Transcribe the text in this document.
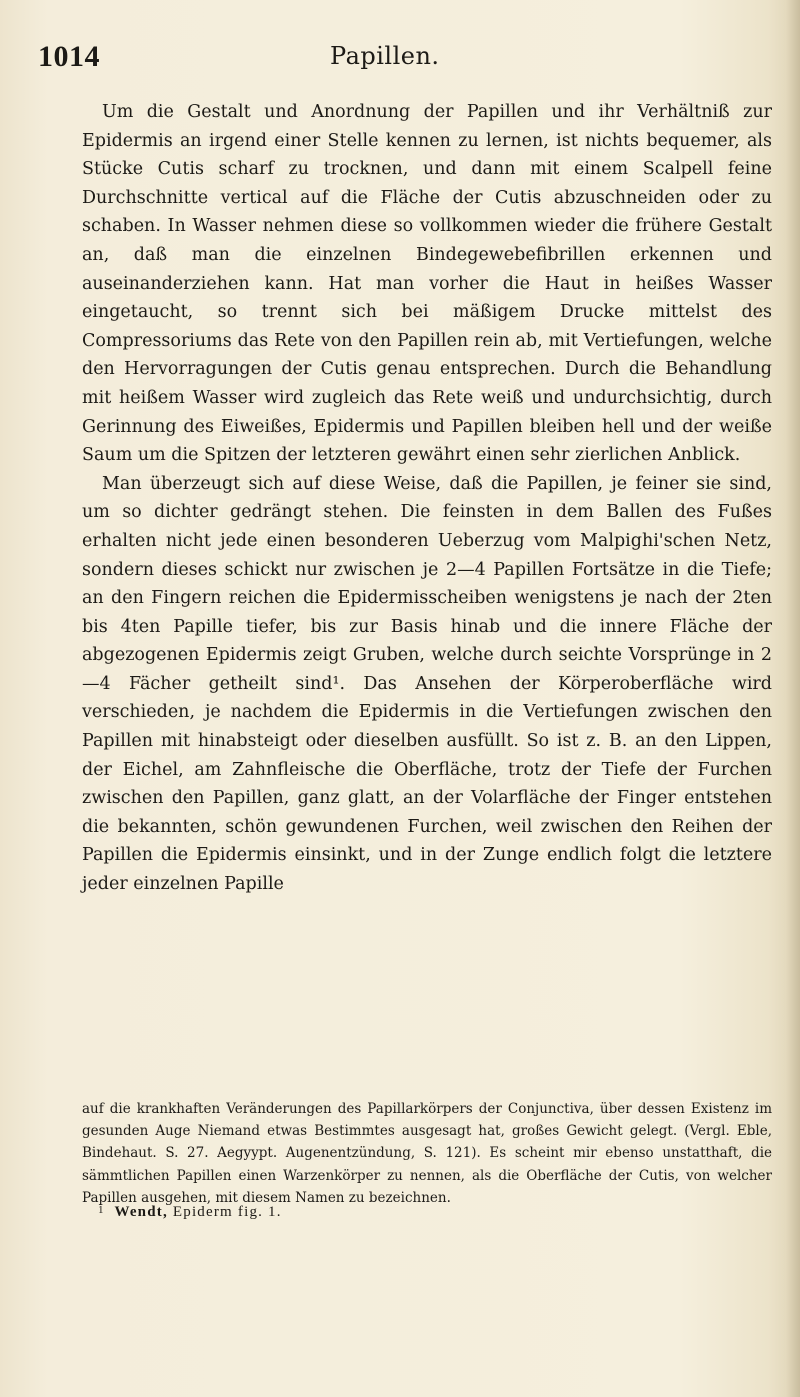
1014	Papillen.

Um die Gestalt und Anordnung der Papillen und ihr Verhältniß zur Epidermis an irgend einer Stelle kennen zu lernen, ist nichts bequemer, als Stücke Cutis scharf zu trocknen, und dann mit einem Scalpell feine Durchschnitte vertical auf die Fläche der Cutis abzuschneiden oder zu schaben. In Wasser nehmen diese so vollkommen wieder die frühere Gestalt an, daß man die einzelnen Bindegewebefibrillen erkennen und auseinanderziehen kann. Hat man vorher die Haut in heißes Wasser eingetaucht, so trennt sich bei mäßigem Drucke mittelst des Compressoriums das Rete von den Papillen rein ab, mit Vertiefungen, welche den Hervorragungen der Cutis genau entsprechen. Durch die Behandlung mit heißem Wasser wird zugleich das Rete weiß und undurchsichtig, durch Gerinnung des Eiweißes, Epidermis und Papillen bleiben hell und der weiße Saum um die Spitzen der letzteren gewährt einen sehr zierlichen Anblick.

Man überzeugt sich auf diese Weise, daß die Papillen, je feiner sie sind, um so dichter gedrängt stehen. Die feinsten in dem Ballen des Fußes erhalten nicht jede einen besonderen Ueberzug vom Malpighi'schen Netz, sondern dieses schickt nur zwischen je 2—4 Papillen Fortsätze in die Tiefe; an den Fingern reichen die Epidermisscheiben wenigstens je nach der 2ten bis 4ten Papille tiefer, bis zur Basis hinab und die innere Fläche der abgezogenen Epidermis zeigt Gruben, welche durch seichte Vorsprünge in 2—4 Fächer getheilt sind¹. Das Ansehen der Körperoberfläche wird verschieden, je nachdem die Epidermis in die Vertiefungen zwischen den Papillen mit hinabsteigt oder dieselben ausfüllt. So ist z. B. an den Lippen, der Eichel, am Zahnfleische die Oberfläche, trotz der Tiefe der Furchen zwischen den Papillen, ganz glatt, an der Volarfläche der Finger entstehen die bekannten, schön gewundenen Furchen, weil zwischen den Reihen der Papillen die Epidermis einsinkt, und in der Zunge endlich folgt die letztere jeder einzelnen Papille

auf die krankhaften Veränderungen des Papillarkörpers der Conjunctiva, über dessen Existenz im gesunden Auge Niemand etwas Bestimmtes ausgesagt hat, großes Gewicht gelegt. (Vergl. Eble, Bindehaut. S. 27. Aegyypt. Augenentzündung, S. 121). Es scheint mir ebenso unstatthaft, die sämmtlichen Papillen einen Warzenkörper zu nennen, als die Oberfläche der Cutis, von welcher Papillen ausgehen, mit diesem Namen zu bezeichnen.

$^1$ Wendt, Epiderm fig. 1.
